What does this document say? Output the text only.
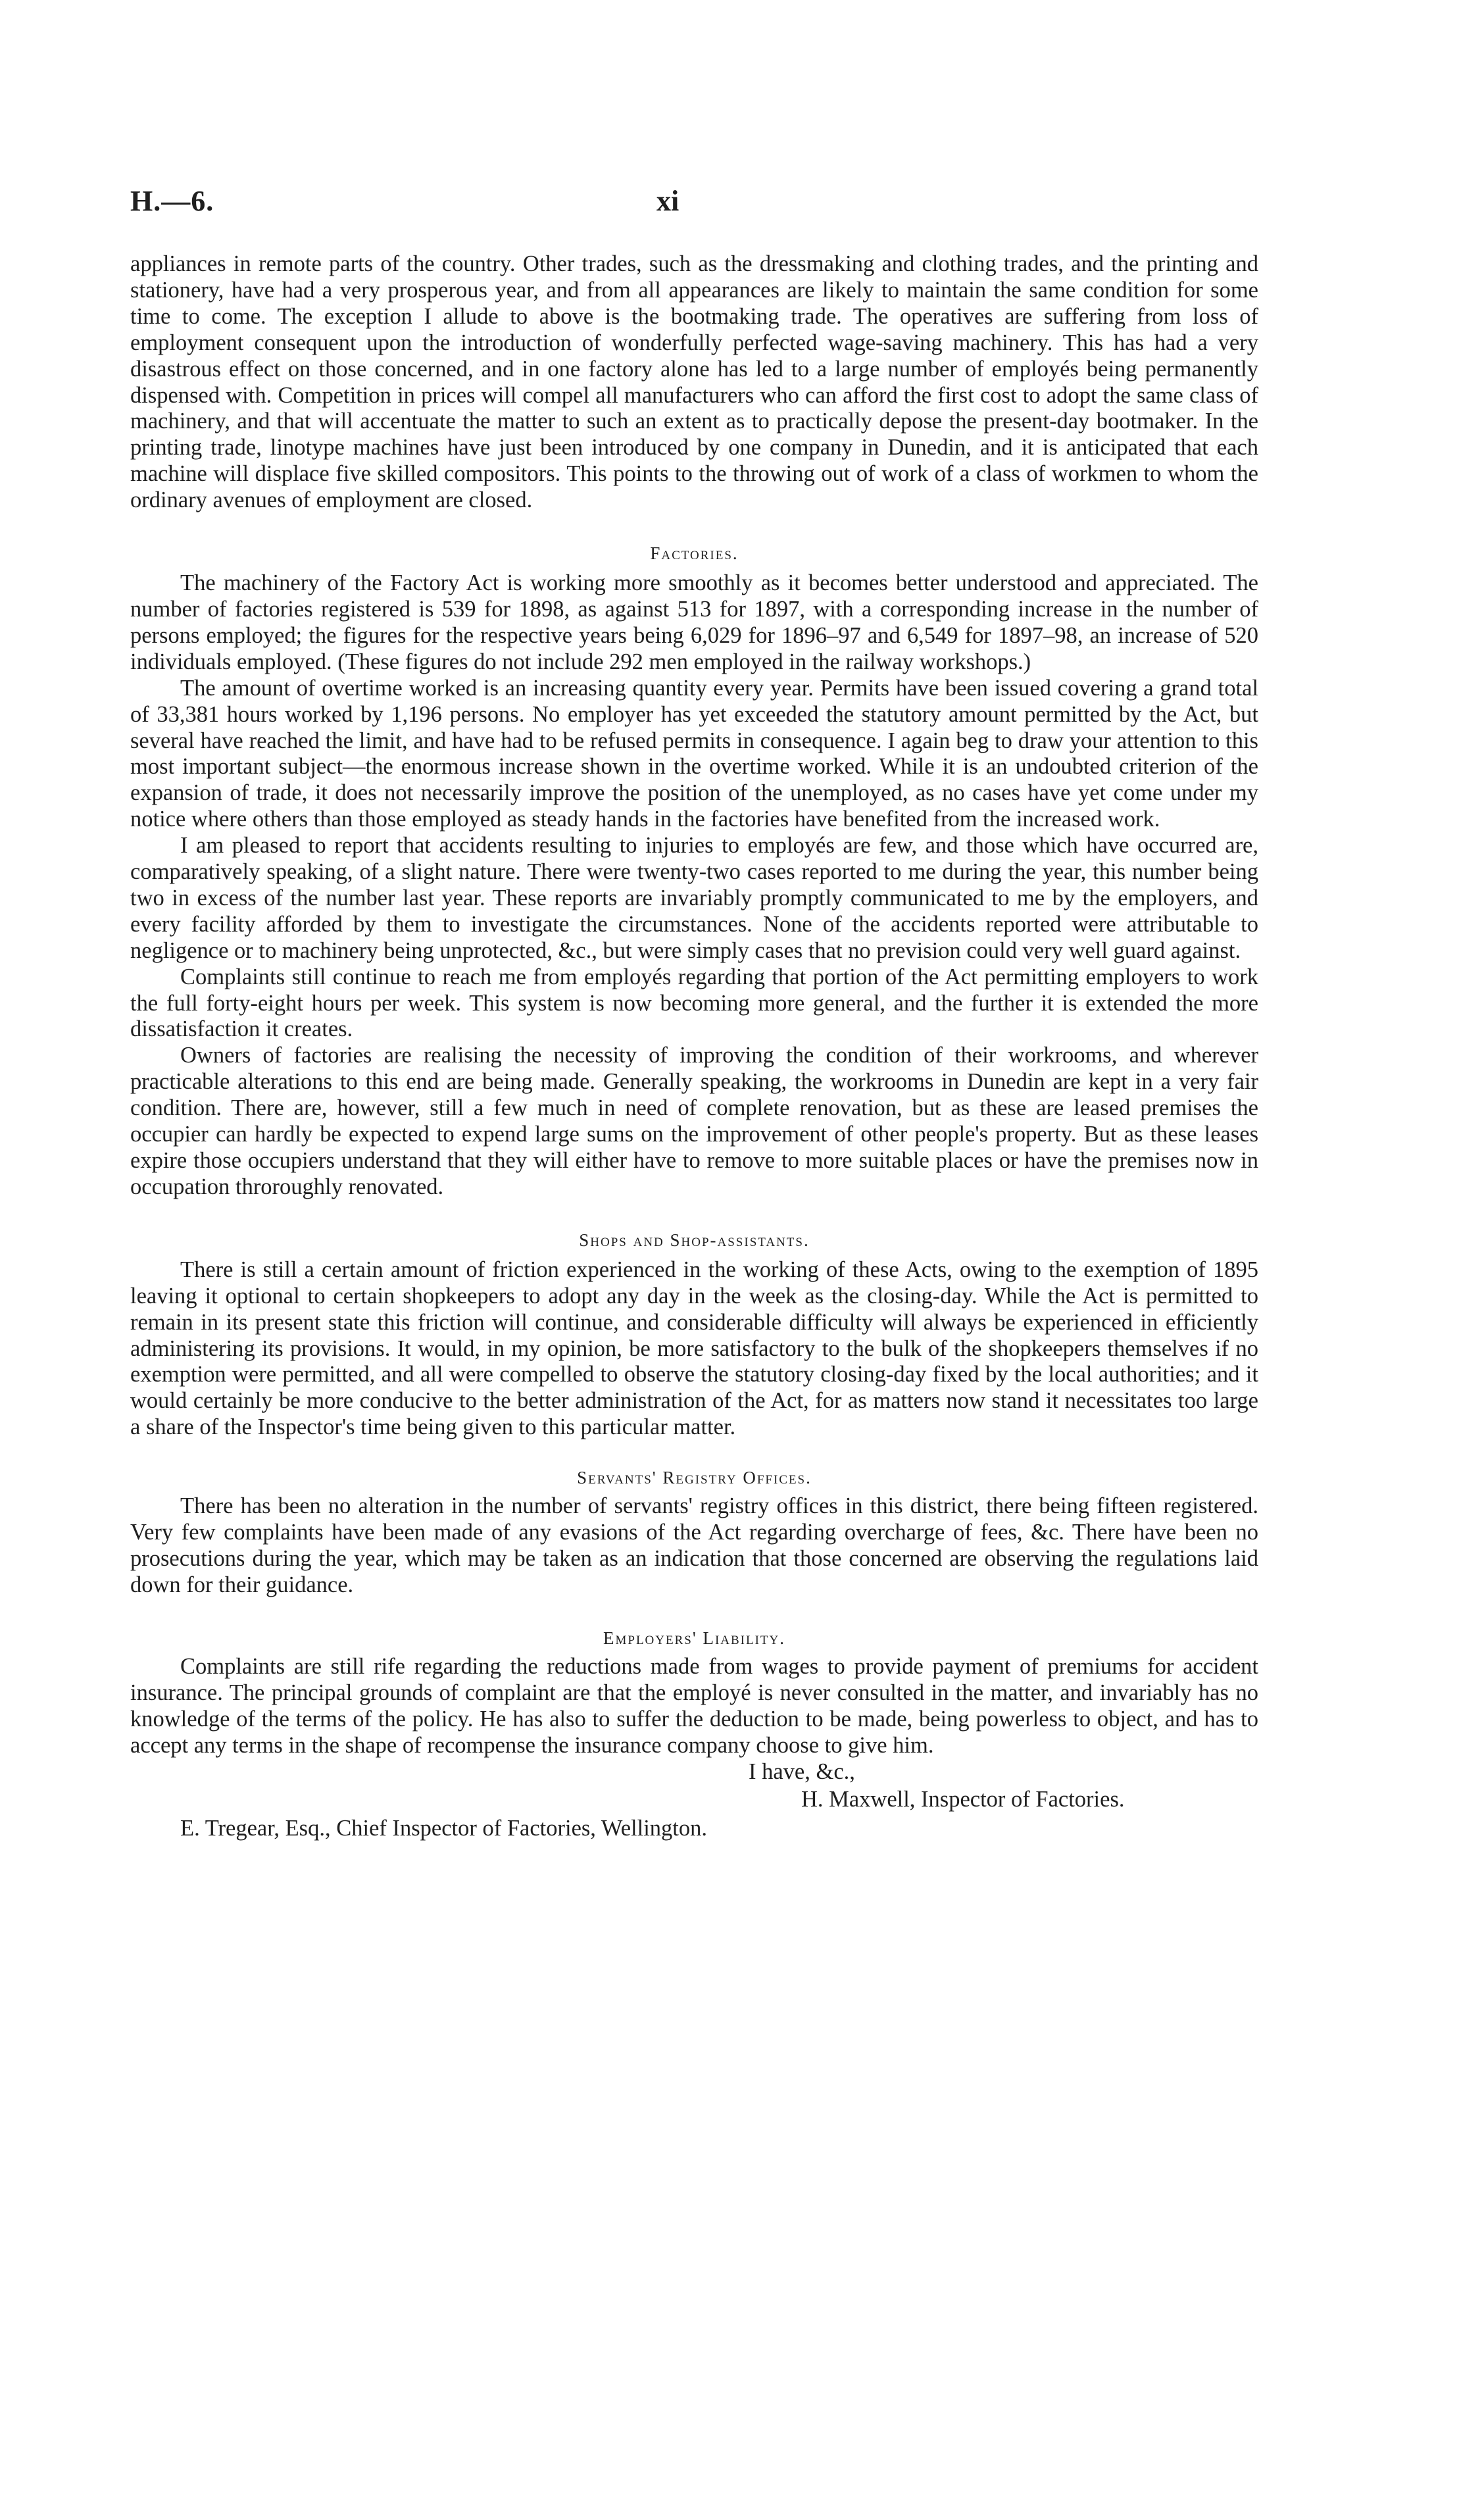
H.—6.	xi

appliances in remote parts of the country. Other trades, such as the dressmaking and clothing trades, and the printing and stationery, have had a very prosperous year, and from all appearances are likely to maintain the same condition for some time to come. The exception I allude to above is the bootmaking trade. The operatives are suffering from loss of employment consequent upon the introduction of wonderfully perfected wage-saving machinery. This has had a very disastrous effect on those concerned, and in one factory alone has led to a large number of employés being permanently dispensed with. Competition in prices will compel all manufacturers who can afford the first cost to adopt the same class of machinery, and that will accentuate the matter to such an extent as to practically depose the present-day bootmaker. In the printing trade, linotype machines have just been introduced by one company in Dunedin, and it is anticipated that each machine will displace five skilled compositors. This points to the throwing out of work of a class of workmen to whom the ordinary avenues of employment are closed.

Factories.

The machinery of the Factory Act is working more smoothly as it becomes better understood and appreciated. The number of factories registered is 539 for 1898, as against 513 for 1897, with a corresponding increase in the number of persons employed; the figures for the respective years being 6,029 for 1896–97 and 6,549 for 1897–98, an increase of 520 individuals employed. (These figures do not include 292 men employed in the railway workshops.)

The amount of overtime worked is an increasing quantity every year. Permits have been issued covering a grand total of 33,381 hours worked by 1,196 persons. No employer has yet exceeded the statutory amount permitted by the Act, but several have reached the limit, and have had to be refused permits in consequence. I again beg to draw your attention to this most important subject—the enormous increase shown in the overtime worked. While it is an undoubted criterion of the expansion of trade, it does not necessarily improve the position of the unemployed, as no cases have yet come under my notice where others than those employed as steady hands in the factories have benefited from the increased work.

I am pleased to report that accidents resulting to injuries to employés are few, and those which have occurred are, comparatively speaking, of a slight nature. There were twenty-two cases reported to me during the year, this number being two in excess of the number last year. These reports are invariably promptly communicated to me by the employers, and every facility afforded by them to investigate the circumstances. None of the accidents reported were attributable to negligence or to machinery being unprotected, &c., but were simply cases that no prevision could very well guard against.

Complaints still continue to reach me from employés regarding that portion of the Act permitting employers to work the full forty-eight hours per week. This system is now becoming more general, and the further it is extended the more dissatisfaction it creates.

Owners of factories are realising the necessity of improving the condition of their workrooms, and wherever practicable alterations to this end are being made. Generally speaking, the workrooms in Dunedin are kept in a very fair condition. There are, however, still a few much in need of complete renovation, but as these are leased premises the occupier can hardly be expected to expend large sums on the improvement of other people's property. But as these leases expire those occupiers understand that they will either have to remove to more suitable places or have the premises now in occupation throroughly renovated.

Shops and Shop-assistants.

There is still a certain amount of friction experienced in the working of these Acts, owing to the exemption of 1895 leaving it optional to certain shopkeepers to adopt any day in the week as the closing-day. While the Act is permitted to remain in its present state this friction will continue, and considerable difficulty will always be experienced in efficiently administering its provisions. It would, in my opinion, be more satisfactory to the bulk of the shopkeepers themselves if no exemption were permitted, and all were compelled to observe the statutory closing-day fixed by the local authorities; and it would certainly be more conducive to the better administration of the Act, for as matters now stand it necessitates too large a share of the Inspector's time being given to this particular matter.

Servants' Registry Offices.

There has been no alteration in the number of servants' registry offices in this district, there being fifteen registered. Very few complaints have been made of any evasions of the Act regarding overcharge of fees, &c. There have been no prosecutions during the year, which may be taken as an indication that those concerned are observing the regulations laid down for their guidance.

Employers' Liability.

Complaints are still rife regarding the reductions made from wages to provide payment of premiums for accident insurance. The principal grounds of complaint are that the employé is never consulted in the matter, and invariably has no knowledge of the terms of the policy. He has also to suffer the deduction to be made, being powerless to object, and has to accept any terms in the shape of recompense the insurance company choose to give him.

I have, &c.,
H. Maxwell, Inspector of Factories.
E. Tregear, Esq., Chief Inspector of Factories, Wellington.
